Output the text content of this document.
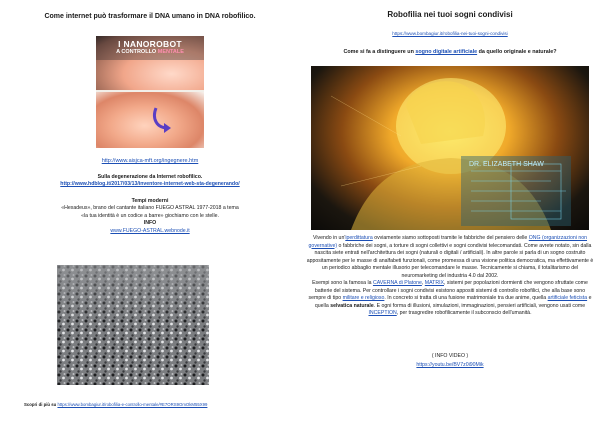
Come internet può trasformare il DNA umano in DNA robofilico.
I NANOROBOT
A CONTROLLO MENTALE
http://www.aisjca-mft.org/ingegnere.htm
Sulla degenerazione da Internet robofilico.
http://www.hdblog.it/2017/03/13/inventore-internet-web-sta-degenerando/
Tempi moderni
«Hexadeus», brano del cantante italiano FUEGO ASTRAL 1977-2018 a tema
«la tua identità è un codice a barre» giochiamo con le stelle.
INFO
www.FUEGO-ASTRAL.webnode.it
Scopri di più su https://www.bombagiur.it/robofilia-e-controllo-mentale/#E7ORS9OmOkM55X99
Robofilia nei tuoi sogni condivisi
https://www.bombagiur.it/robofilia-nei-tuoi-sogni-condivisi
Come si fa a distinguere un sogno digitale artificiale da quello originale e naturale?
DR. ELIZABETH SHAW

Vivendo in un'iperdittatura ovviamente siamo sottoposti tramite le fabbriche del pensiero delle ONG (organizzazioni non governative) o fabbriche dei sogni, a torture di sogni collettivi e sogni condivisi telecomandati. Come avrete notato, sin dalla nascita siete entrati nell'architettura dei sogni (naturali o digitali / artificiali). In altre parole si parla di un sogno costruito appositamente per le masse di analfabeti funzionali, come promessa di una visione politica democratica, ma effettivamente è un periodico abbaglio mentale illusorio per telecomandare le masse. Tecnicamente si chiama, il totalitarismo del neuromarketing del industria 4.0 dal 2002.

Esempi sono la famosa la CAVERNA di Platone, MATRIX, sistemi per popolazioni dormienti che vengono sfruttate come batterie del sistema. Per controllare i sogni condivisi esistono appositi sistemi di controllo robofilici, che alla base sono sempre di tipo militare e religioso. In concreto si tratta di una fusione matrimoniale tra due anime, quella artificiale feticista e quella selvatica naturale. E ogni forma di illusioni, simulazioni, immaginazioni, pensieri artificiali, vengono usati come INCEPTION, per trasgredire robofilicamente il subconscio dell'umanità.

( INFO VIDEO )
https://youtu.be/BV7z0i90Mik
